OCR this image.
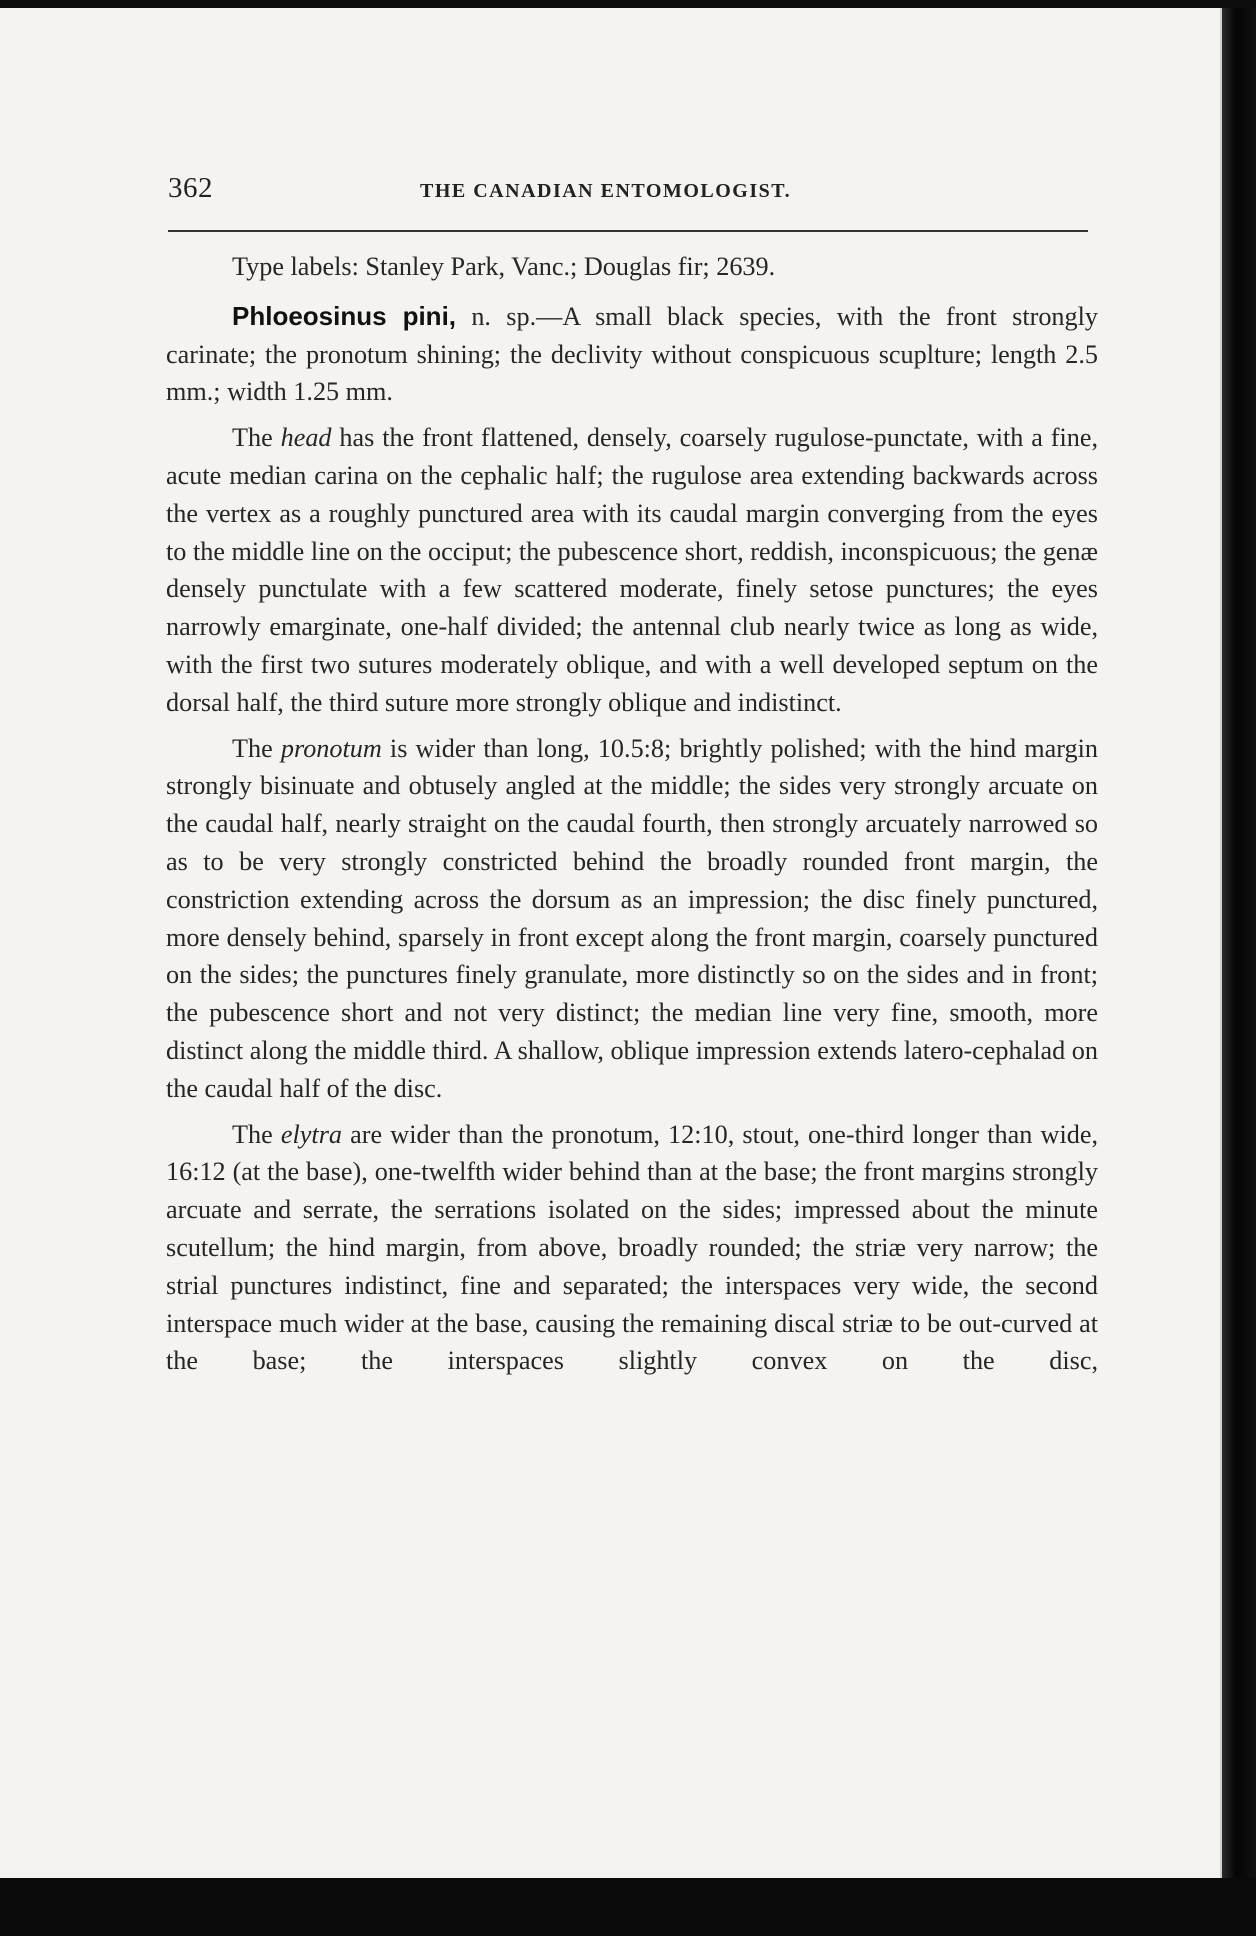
362	THE CANADIAN ENTOMOLOGIST.

Type labels: Stanley Park, Vanc.; Douglas fir; 2639.

Phloeosinus pini, n. sp.—A small black species, with the front strongly carinate; the pronotum shining; the declivity without conspicuous scuplture; length 2.5 mm.; width 1.25 mm.

The head has the front flattened, densely, coarsely rugulose-punctate, with a fine, acute median carina on the cephalic half; the rugulose area extending backwards across the vertex as a roughly punctured area with its caudal margin converging from the eyes to the middle line on the occiput; the pubescence short, reddish, inconspicuous; the genæ densely punctulate with a few scattered moderate, finely setose punctures; the eyes narrowly emarginate, one-half divided; the antennal club nearly twice as long as wide, with the first two sutures moderately oblique, and with a well developed septum on the dorsal half, the third suture more strongly oblique and indistinct.

The pronotum is wider than long, 10.5:8; brightly polished; with the hind margin strongly bisinuate and obtusely angled at the middle; the sides very strongly arcuate on the caudal half, nearly straight on the caudal fourth, then strongly arcuately narrowed so as to be very strongly constricted behind the broadly rounded front margin, the constriction extending across the dorsum as an impression; the disc finely punctured, more densely behind, sparsely in front except along the front margin, coarsely punctured on the sides; the punctures finely granulate, more distinctly so on the sides and in front; the pubescence short and not very distinct; the median line very fine, smooth, more distinct along the middle third. A shallow, oblique impression extends latero-cephalad on the caudal half of the disc.

The elytra are wider than the pronotum, 12:10, stout, one-third longer than wide, 16:12 (at the base), one-twelfth wider behind than at the base; the front margins strongly arcuate and serrate, the serrations isolated on the sides; impressed about the minute scutellum; the hind margin, from above, broadly rounded; the striæ very narrow; the strial punctures indistinct, fine and separated; the interspaces very wide, the second interspace much wider at the base, causing the remaining discal striæ to be out-curved at the base; the interspaces slightly convex on the disc,
